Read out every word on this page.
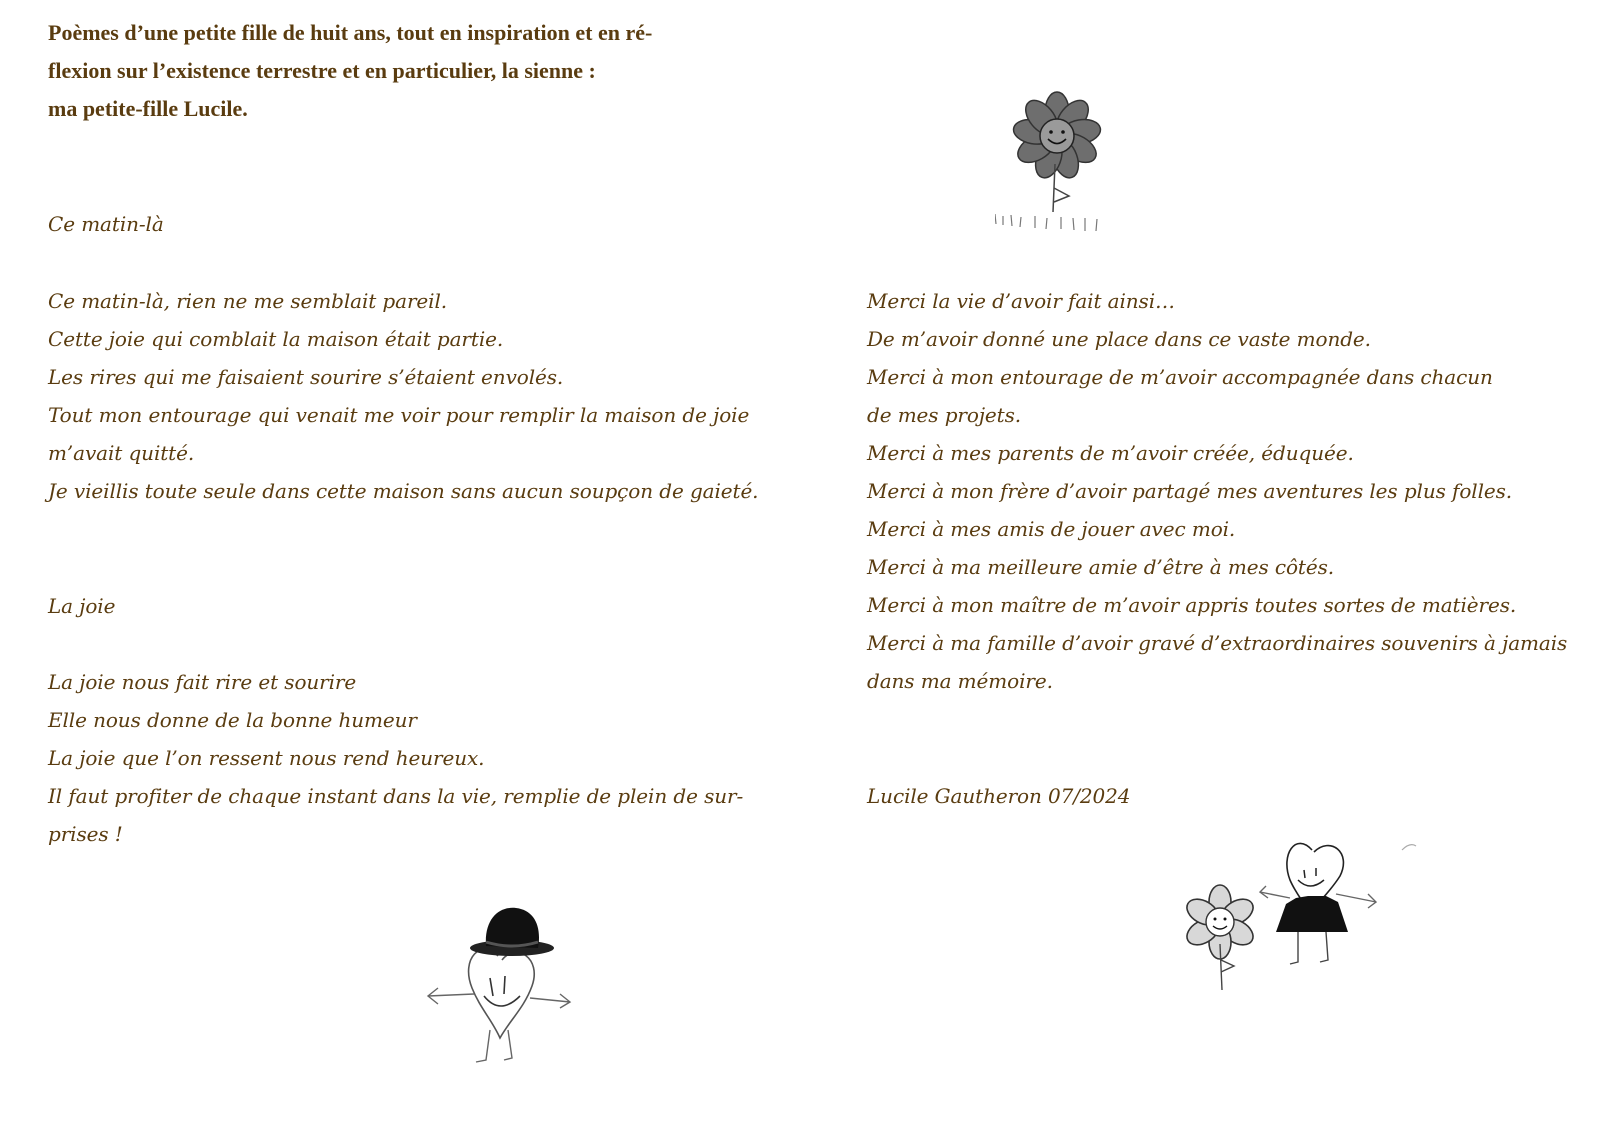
Poèmes d’une petite fille de huit ans, tout en inspiration et en ré-
flexion sur l’existence terrestre et en particulier, la sienne :
ma petite-fille Lucile.

Ce matin-là

Ce matin-là, rien ne me semblait pareil.

Cette joie qui comblait la maison était partie.

Les rires qui me faisaient sourire s’étaient envolés.

Tout mon entourage qui venait me voir pour remplir la maison de joie

m’avait quitté.

Je vieillis toute seule dans cette maison sans aucun soupçon de gaieté.

La joie

La joie nous fait rire et sourire

Elle nous donne de la bonne humeur

La joie que l’on ressent nous rend heureux.

Il faut profiter de chaque instant dans la vie, remplie de plein de sur-

prises !

Merci la vie d’avoir fait ainsi…

De m’avoir donné une place dans ce vaste monde.

Merci à mon entourage de m’avoir accompagnée dans chacun

de mes projets.

Merci à mes parents de m’avoir créée, éduquée.

Merci à mon frère d’avoir partagé mes aventures les plus folles.

Merci à mes amis de jouer avec moi.

Merci à ma meilleure amie d’être à mes côtés.

Merci à mon maître de m’avoir appris toutes sortes de matières.

Merci à ma famille d’avoir gravé d’extraordinaires souvenirs à jamais

dans ma mémoire.

Lucile Gautheron 07/2024
